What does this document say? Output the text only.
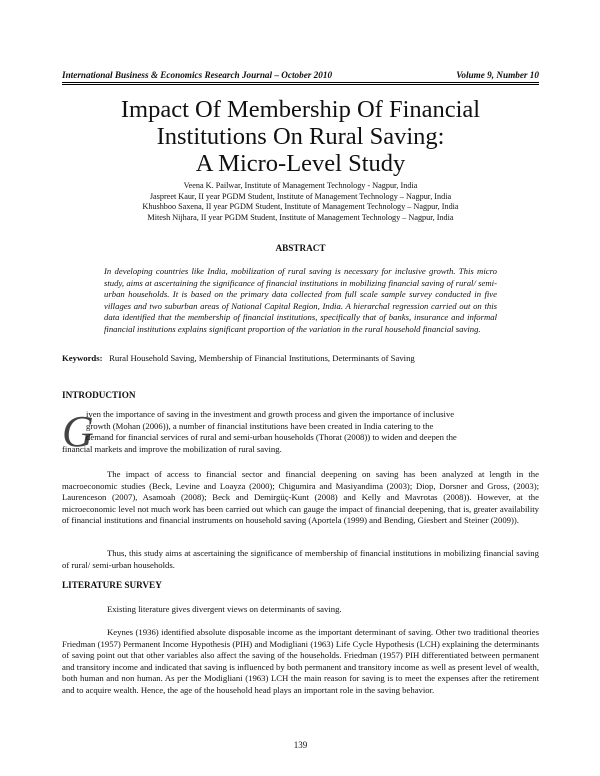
International Business & Economics Research Journal – October 2010	Volume 9, Number 10
Impact Of Membership Of Financial
Institutions On Rural Saving:
A Micro-Level Study
Veena K. Pailwar, Institute of Management Technology - Nagpur, India
Jaspreet Kaur, II year PGDM Student, Institute of Management Technology – Nagpur, India
Khushboo Saxena, II year PGDM Student, Institute of Management Technology – Nagpur, India
Mitesh Nijhara, II year PGDM Student, Institute of Management Technology – Nagpur, India
ABSTRACT
In developing countries like India, mobilization of rural saving is necessary for inclusive growth. This micro study, aims at ascertaining the significance of financial institutions in mobilizing financial saving of rural/ semi-urban households. It is based on the primary data collected from full scale sample survey conducted in five villages and two suburban areas of National Capital Region, India. A hierarchal regression carried out on this data identified that the membership of financial institutions, specifically that of banks, insurance and informal financial institutions explains significant proportion of the variation in the rural household financial saving.
Keywords: Rural Household Saving, Membership of Financial Institutions, Determinants of Saving
INTRODUCTION
G
iven the importance of saving in the investment and growth process and given the importance of inclusive
growth (Mohan (2006)), a number of financial institutions have been created in India catering to the
demand for financial services of rural and semi-urban households (Thorat (2008)) to widen and deepen the
financial markets and improve the mobilization of rural saving.
The impact of access to financial sector and financial deepening on saving has been analyzed at length in the macroeconomic studies (Beck, Levine and Loayza (2000); Chigumira and Masiyandima (2003); Diop, Dorsner and Gross, (2003); Laurenceson (2007), Asamoah (2008); Beck and Demirgüç-Kunt (2008) and Kelly and Mavrotas (2008)). However, at the microeconomic level not much work has been carried out which can gauge the impact of financial deepening, that is, greater availability of financial institutions and financial instruments on household saving (Aportela (1999) and Bending, Giesbert and Steiner (2009)).
Thus, this study aims at ascertaining the significance of membership of financial institutions in mobilizing financial saving of rural/ semi-urban households.
LITERATURE SURVEY
Existing literature gives divergent views on determinants of saving.
Keynes (1936) identified absolute disposable income as the important determinant of saving. Other two traditional theories Friedman (1957) Permanent Income Hypothesis (PIH) and Modigliani (1963) Life Cycle Hypothesis (LCH) explaining the determinants of saving point out that other variables also affect the saving of the households. Friedman (1957) PIH differentiated between permanent and transitory income and indicated that saving is influenced by both permanent and transitory income as well as present level of wealth, both human and non human. As per the Modigliani (1963) LCH the main reason for saving is to meet the expenses after the retirement and to acquire wealth. Hence, the age of the household head plays an important role in the saving behavior.
139
